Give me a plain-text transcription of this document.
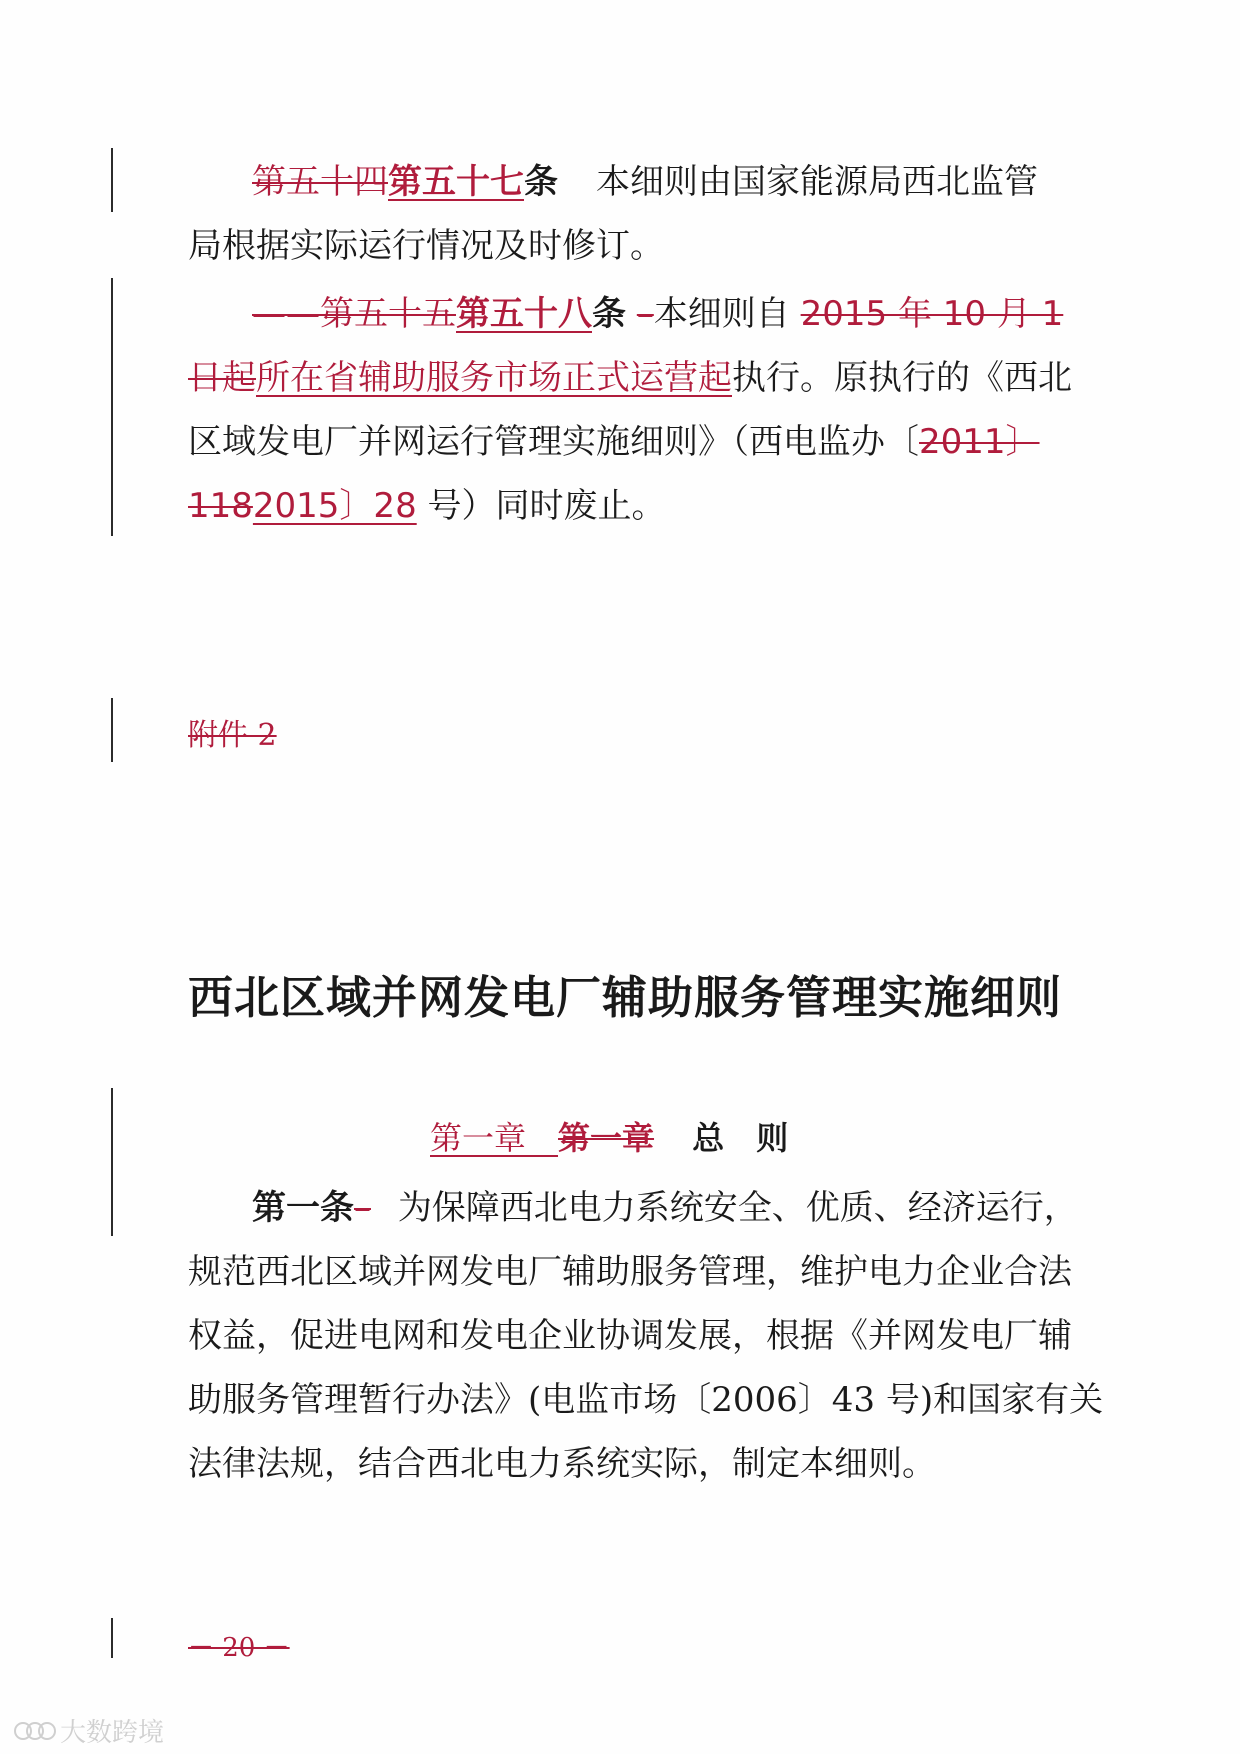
第五十四第五十七条 本细则由国家能源局西北监管
局根据实际运行情况及时修订。
——第五十五第五十八条 –本细则自 2015 年 10 月 1
日起所在省辅助服务市场正式运营起执行。原执行的《西北
区域发电厂并网运行管理实施细则》（西电监办〔2011〕
1182015〕28 号）同时废止。
附件 2
西北区域并网发电厂辅助服务管理实施细则
第一章　第一章 总　则
第一条– 为保障西北电力系统安全、优质、经济运行，
规范西北区域并网发电厂辅助服务管理，维护电力企业合法
权益，促进电网和发电企业协调发展，根据《并网发电厂辅
助服务管理暂行办法》(电监市场〔2006〕43 号)和国家有关
法律法规，结合西北电力系统实际，制定本细则。
－ 20 －
大数跨境
